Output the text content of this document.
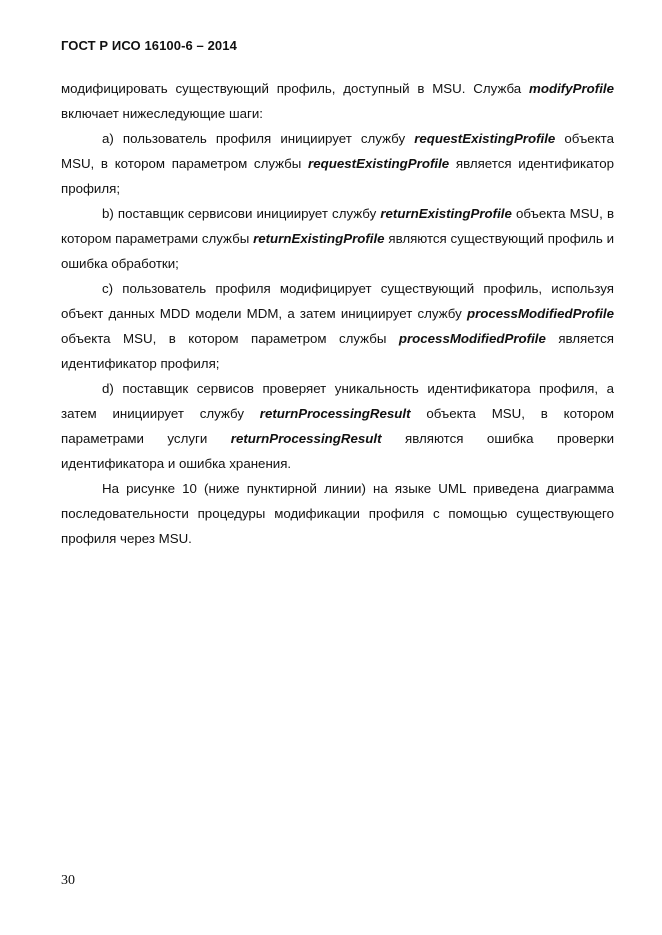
ГОСТ Р ИСО 16100-6 – 2014

модифицировать существующий профиль, доступный в MSU. Служба modifyProfile включает нижеследующие шаги:

a) пользователь профиля инициирует службу requestExistingProfile объекта MSU, в котором параметром службы requestExistingProfile является идентификатор профиля;

b) поставщик сервисови инициирует службу returnExistingProfile объекта MSU, в котором параметрами службы returnExistingProfile являются существующий профиль и ошибка обработки;

c) пользователь профиля модифицирует существующий профиль, используя объект данных MDD модели MDM, а затем инициирует службу processModifiedProfile объекта MSU, в котором параметром службы processModifiedProfile является идентификатор профиля;

d) поставщик сервисов проверяет уникальность идентификатора профиля, а затем инициирует службу returnProcessingResult объекта MSU, в котором параметрами услуги returnProcessingResult являются ошибка проверки идентификатора и ошибка хранения.

На рисунке 10 (ниже пунктирной линии) на языке UML приведена диаграмма последовательности процедуры модификации профиля с помощью существующего профиля через MSU.

30
